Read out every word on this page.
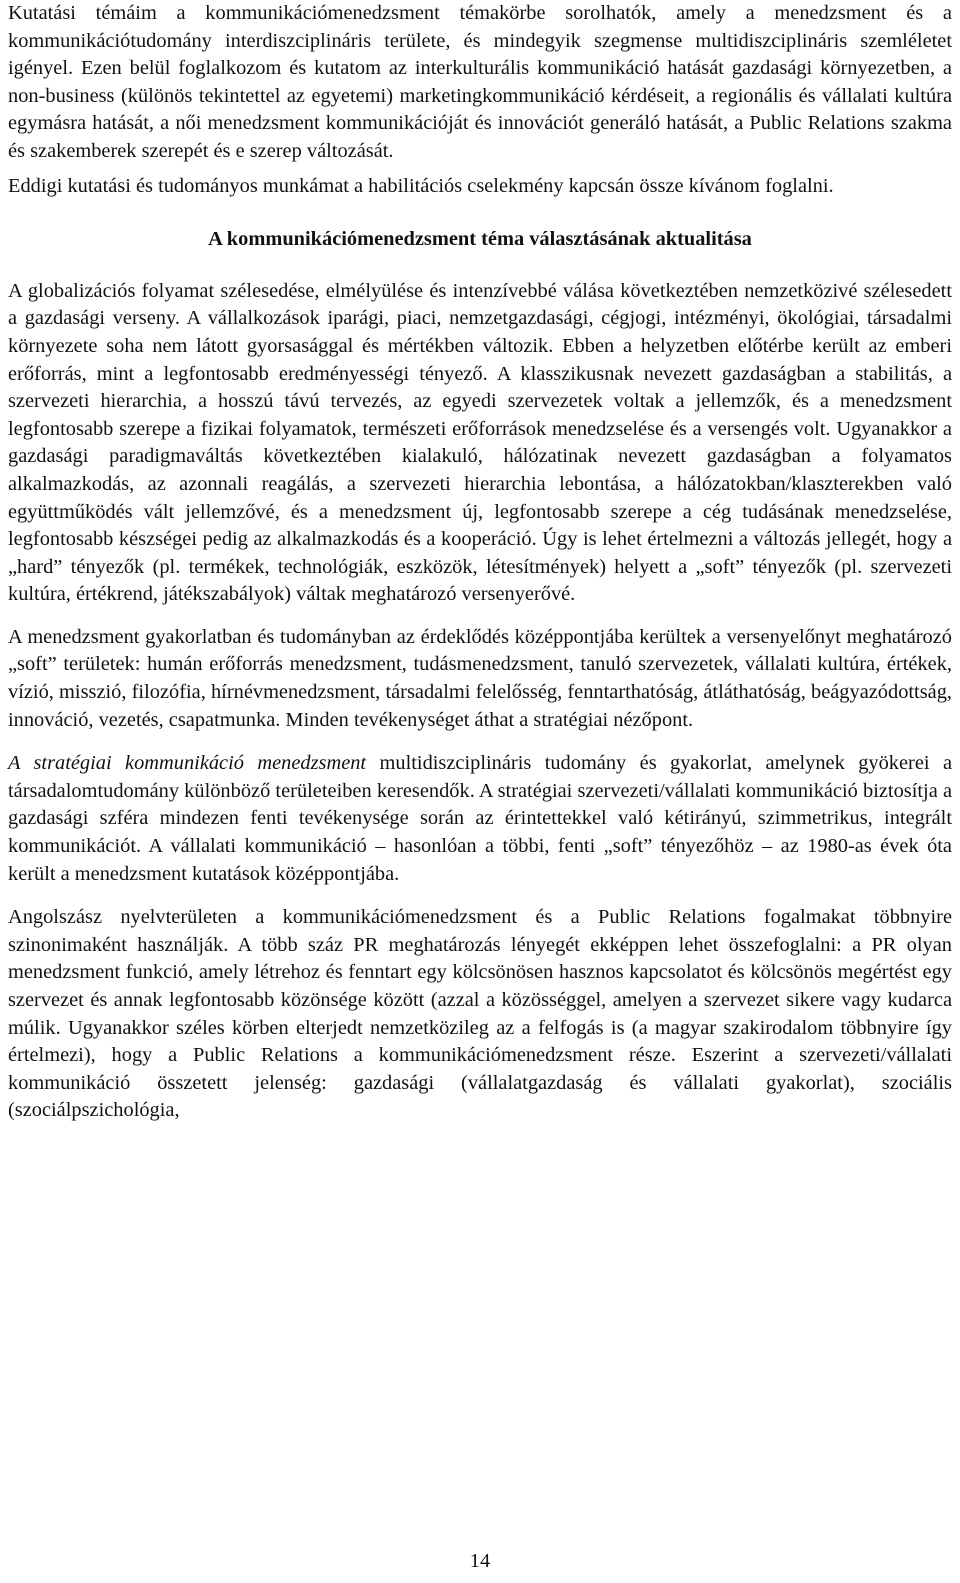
Kutatási témáim a kommunikációmenedzsment témakörbe sorolhatók, amely a menedzsment és a kommunikációtudomány interdiszciplináris területe, és mindegyik szegmense multidiszciplináris szemléletet igényel. Ezen belül foglalkozom és kutatom az interkulturális kommunikáció hatását gazdasági környezetben, a non-business (különös tekintettel az egyetemi) marketingkommunikáció kérdéseit, a regionális és vállalati kultúra egymásra hatását, a női menedzsment kommunikációját és innovációt generáló hatását, a Public Relations szakma és szakemberek szerepét és e szerep változását.

Eddigi kutatási és tudományos munkámat a habilitációs cselekmény kapcsán össze kívánom foglalni.

A kommunikációmenedzsment téma választásának aktualitása

A globalizációs folyamat szélesedése, elmélyülése és intenzívebbé válása következtében nemzetközivé szélesedett a gazdasági verseny. A vállalkozások iparági, piaci, nemzetgazdasági, cégjogi, intézményi, ökológiai, társadalmi környezete soha nem látott gyorsasággal és mértékben változik. Ebben a helyzetben előtérbe került az emberi erőforrás, mint a legfontosabb eredményességi tényező. A klasszikusnak nevezett gazdaságban a stabilitás, a szervezeti hierarchia, a hosszú távú tervezés, az egyedi szervezetek voltak a jellemzők, és a menedzsment legfontosabb szerepe a fizikai folyamatok, természeti erőforrások menedzselése és a versengés volt. Ugyanakkor a gazdasági paradigmaváltás következtében kialakuló, hálózatinak nevezett gazdaságban a folyamatos alkalmazkodás, az azonnali reagálás, a szervezeti hierarchia lebontása, a hálózatokban/klaszterekben való együttműködés vált jellemzővé, és a menedzsment új, legfontosabb szerepe a cég tudásának menedzselése, legfontosabb készségei pedig az alkalmazkodás és a kooperáció. Úgy is lehet értelmezni a változás jellegét, hogy a „hard” tényezők (pl. termékek, technológiák, eszközök, létesítmények) helyett a „soft” tényezők (pl. szervezeti kultúra, értékrend, játékszabályok) váltak meghatározó versenyerővé.

A menedzsment gyakorlatban és tudományban az érdeklődés középpontjába kerültek a versenyelőnyt meghatározó „soft” területek: humán erőforrás menedzsment, tudásmenedzsment, tanuló szervezetek, vállalati kultúra, értékek, vízió, misszió, filozófia, hírnévmenedzsment, társadalmi felelősség, fenntarthatóság, átláthatóság, beágyazódottság, innováció, vezetés, csapatmunka. Minden tevékenységet áthat a stratégiai nézőpont.

A stratégiai kommunikáció menedzsment multidiszciplináris tudomány és gyakorlat, amelynek gyökerei a társadalomtudomány különböző területeiben keresendők. A stratégiai szervezeti/vállalati kommunikáció biztosítja a gazdasági szféra mindezen fenti tevékenysége során az érintettekkel való kétirányú, szimmetrikus, integrált kommunikációt. A vállalati kommunikáció – hasonlóan a többi, fenti „soft” tényezőhöz – az 1980-as évek óta került a menedzsment kutatások középpontjába.

Angolszász nyelvterületen a kommunikációmenedzsment és a Public Relations fogalmakat többnyire szinonimaként használják. A több száz PR meghatározás lényegét ekképpen lehet összefoglalni: a PR olyan menedzsment funkció, amely létrehoz és fenntart egy kölcsönösen hasznos kapcsolatot és kölcsönös megértést egy szervezet és annak legfontosabb közönsége között (azzal a közösséggel, amelyen a szervezet sikere vagy kudarca múlik. Ugyanakkor széles körben elterjedt nemzetközileg az a felfogás is (a magyar szakirodalom többnyire így értelmezi), hogy a Public Relations a kommunikációmenedzsment része. Eszerint a szervezeti/vállalati kommunikáció összetett jelenség: gazdasági (vállalatgazdaság és vállalati gyakorlat), szociális (szociálpszichológia,

14
